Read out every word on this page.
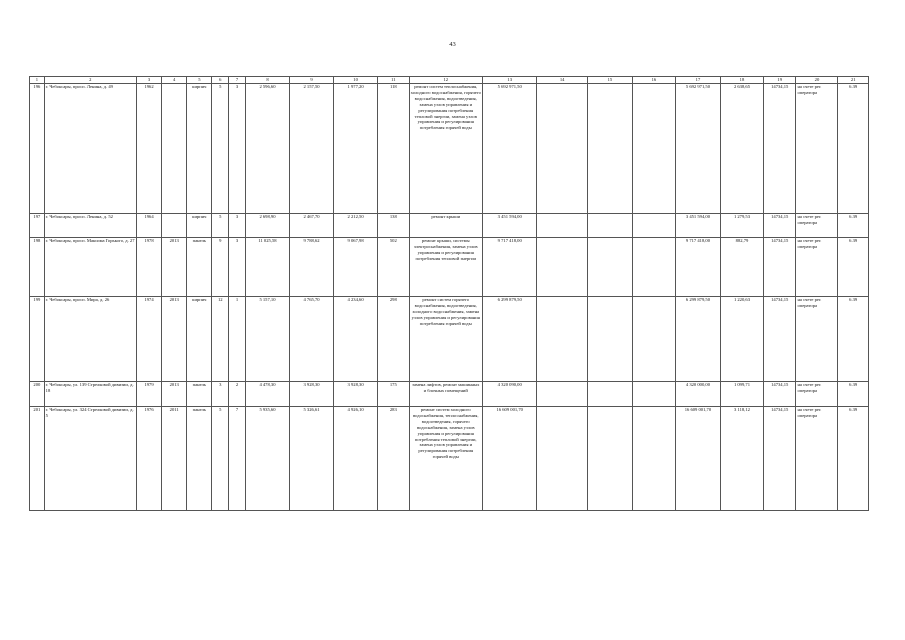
43
1	2	3	4	5	6	7	8	9	10	11	12	13	14	15	16	17	18	19	20	21
196	г. Чебоксары, просп. Ленина, д. 49	1962		кирпич	5	3	2 596,60	2 157,50	1 977,20	118	ремонт систем теплоснабжения, холодного водоснабжения, горячего водоснабжения, водоотведения, замена узлов управления и регулирования потребления тепловой энергии, замена узлов управления и регулирования потребления горячей воды	5 692 971,50				5 692 971,50	2 638,65	14734,15	на счете рег. оператора	6.39
197	г. Чебоксары, просп. Ленина, д. 52	1964		кирпич	5	3	2 698,90	2 467,70	2 212,50	138	ремонт крыши	3 451 594,00				3 451 594,00	1 279,53	14734,15	на счете рег. оператора	6.39
198	г. Чебоксары, просп. Максима Горького, д. 27	1978	2013	панель	9	3	11 025,58	9 788,62	9 067,98	502	ремонт крыши, системы электроснабжения, замена узлов управления и регулирования потребления тепловой энергии	9 717 418,00				9 717 418,00	882,79	14734,15	на счете рег. оператора	6.39
199	г. Чебоксары, просп. Мира, д. 26	1974	2013	кирпич	12	1	5 157,10	4 765,70	4 234,60	298	ремонт систем горячего водоснабжения, водоотведения, холодного водоснабжения, замена узлов управления и регулирования потребления горячей воды	6 299 879,50				6 299 879,50	1 220,63	14734,15	на счете рег. оператора	6.39
200	г. Чебоксары, ул. 139 Стрелковой дивизии, д. 18	1979	2013	панель	3	2	4 478,30	3 928,30	3 928,30	175	замена лифтов, ремонт машинных и блочных помещений	4 320 090,00				4 320 000,00	1 099,71	14734,15	на счете рег. оператора	6.39
201	г. Чебоксары, ул. 324 Стрелковой дивизии, д. 5	1976	2011	панель	5	7	5 935,60	5 326,61	4 926,10	283	ремонт систем холодного водоснабжения, теплоснабжения, водоотведения, горячего водоснабжения, замена узлов управления и регулирования потребления тепловой энергии, замена узлов управления и регулирования потребления горячей воды	16 609 001,70				16 609 001,70	3 118,12	14734,15	на счете рег. оператора	6.39
